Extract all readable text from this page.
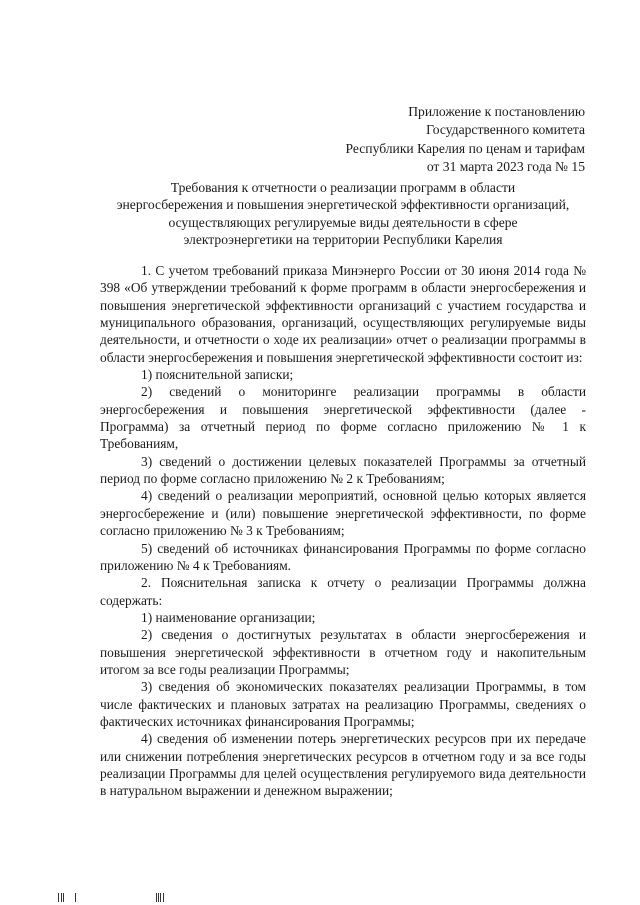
Приложение к постановлению
Государственного комитета
Республики Карелия по ценам и тарифам
от 31 марта 2023 года № 15
Требования к отчетности о реализации программ в области
энергосбережения и повышения энергетической эффективности организаций,
осуществляющих регулируемые виды деятельности в сфере
электроэнергетики на территории Республики Карелия

1. С учетом требований приказа Минэнерго России от 30 июня 2014 года № 398 «Об утверждении требований к форме программ в области энергосбережения и повышения энергетической эффективности организаций с участием государства и муниципального образования, организаций, осуществляющих регулируемые виды деятельности, и отчетности о ходе их реализации» отчет о реализации программы в области энергосбережения и повышения энергетической эффективности состоит из:

1) пояснительной записки;

2) сведений о мониторинге реализации программы в области энергосбережения и повышения энергетической эффективности (далее - Программа) за отчетный период по форме согласно приложению № 1 к Требованиям,

3) сведений о достижении целевых показателей Программы за отчетный период по форме согласно приложению № 2 к Требованиям;

4) сведений о реализации мероприятий, основной целью которых является энергосбережение и (или) повышение энергетической эффективности, по форме согласно приложению № 3 к Требованиям;

5) сведений об источниках финансирования Программы по форме согласно приложению № 4 к Требованиям.

2. Пояснительная записка к отчету о реализации Программы должна содержать:

1) наименование организации;

2) сведения о достигнутых результатах в области энергосбережения и повышения энергетической эффективности в отчетном году и накопительным итогом за все годы реализации Программы;

3) сведения об экономических показателях реализации Программы, в том числе фактических и плановых затратах на реализацию Программы, сведениях о фактических источниках финансирования Программы;

4) сведения об изменении потерь энергетических ресурсов при их передаче или снижении потребления энергетических ресурсов в отчетном году и за все годы реализации Программы для целей осуществления регулируемого вида деятельности в натуральном выражении и денежном выражении;
